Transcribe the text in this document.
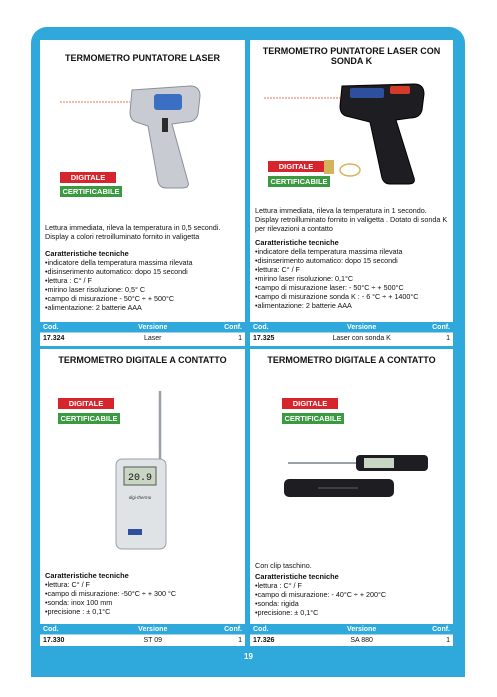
TERMOMETRO PUNTATORE LASER
DIGITALE
CERTIFICABILE
Lettura immediata, rileva la temperatura in 0,5 secondi. Display a colori retroilluminato fornito in valigetta
Caratteristiche tecniche
• indicatore della temperatura massima rilevata
• disinserimento automatico: dopo 15 secondi
• lettura : C° / F
• mirino laser risoluzione: 0,5° C
• campo di misurazione - 50°C ÷ + 500°C
• alimentazione: 2 batterie AAA
Cod.	Versione	Conf.
17.324	Laser	1
TERMOMETRO PUNTATORE LASER CON SONDA K
DIGITALE
CERTIFICABILE
Lettura immediata, rileva la temperatura in 1 secondo. Display retroilluminato fornito in valigetta . Dotato di sonda K per rilevazioni a contatto
Caratteristiche tecniche
• indicatore della temperatura massima rilevata
• disinserimento automatico: dopo 15 secondi
• lettura: C° / F
• mirino laser risoluzione: 0,1°C
• campo di misurazione laser: - 50°C ÷ + 500°C
• campo di misurazione sonda K : - 6 °C ÷ + 1400°C
• alimentazione: 2 batterie AAA
Cod.	Versione	Conf.
17.325	Laser con sonda K	1
TERMOMETRO DIGITALE A CONTATTO
DIGITALE
CERTIFICABILE
20.9
digi-thermo
Caratteristiche tecniche
• lettura: C° / F
• campo di misurazione: -50°C ÷ + 300 °C
• sonda: inox 100 mm
• precisione : ± 0,1°C
Cod.	Versione	Conf.
17.330	ST 09	1
TERMOMETRO DIGITALE A CONTATTO
DIGITALE
CERTIFICABILE
Con clip taschino.
Caratteristiche tecniche
• lettura : C° / F
• campo di misurazione: - 40°C ÷ + 200°C
• sonda: rigida
• precisione: ± 0,1°C
Cod.	Versione	Conf.
17.326	SA 880	1
19
